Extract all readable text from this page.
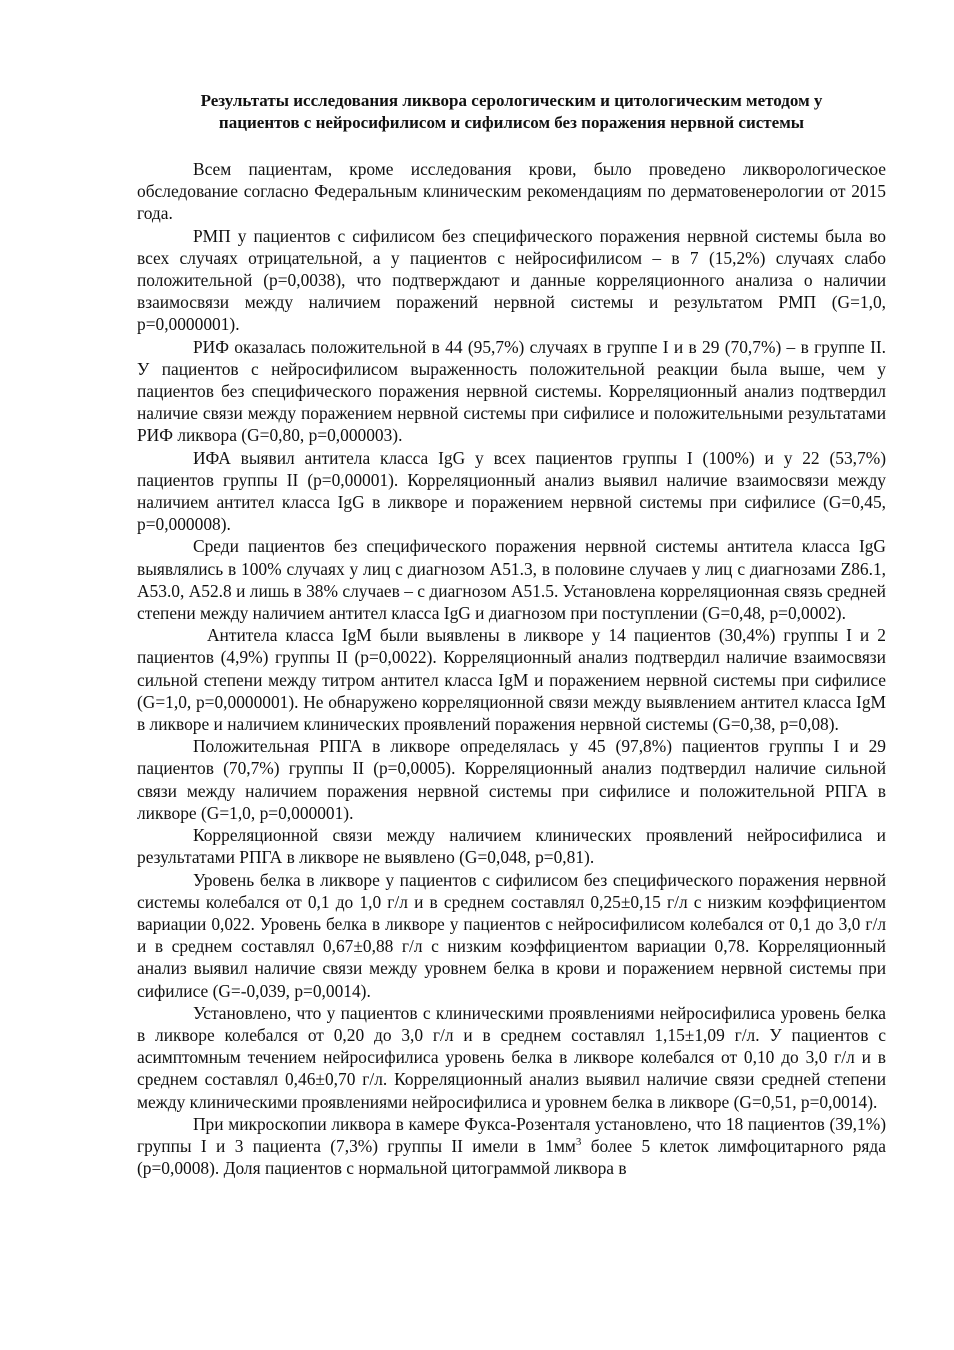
Результаты исследования ликвора серологическим и цитологическим методом у
пациентов с нейросифилисом и сифилисом без поражения нервной системы

Всем пациентам, кроме исследования крови, было проведено ликворологическое обследование согласно Федеральным клиническим рекомендациям по дерматовенерологии от 2015 года.

РМП у пациентов с сифилисом без специфического поражения нервной системы была во всех случаях отрицательной, а у пациентов с нейросифилисом – в 7 (15,2%) случаях слабо положительной (p=0,0038), что подтверждают и данные корреляционного анализа о наличии взаимосвязи между наличием поражений нервной системы и результатом РМП (G=1,0, p=0,0000001).

РИФ оказалась положительной в 44 (95,7%) случаях в группе I и в 29 (70,7%) – в группе II. У пациентов с нейросифилисом выраженность положительной реакции была выше, чем у пациентов без специфического поражения нервной системы. Корреляционный анализ подтвердил наличие связи между поражением нервной системы при сифилисе и положительными результатами РИФ ликвора (G=0,80, p=0,000003).

ИФА выявил антитела класса IgG у всех пациентов группы I (100%) и у 22 (53,7%) пациентов группы II (p=0,00001). Корреляционный анализ выявил наличие взаимосвязи между наличием антител класса IgG в ликворе и поражением нервной системы при сифилисе (G=0,45, p=0,000008).

Среди пациентов без специфического поражения нервной системы антитела класса IgG выявлялись в 100% случаях у лиц с диагнозом А51.3, в половине случаев у лиц с диагнозами Z86.1, А53.0, А52.8 и лишь в 38% случаев – с диагнозом А51.5. Установлена корреляционная связь средней степени между наличием антител класса IgG и диагнозом при поступлении (G=0,48, p=0,0002).

Антитела класса IgM были выявлены в ликворе у 14 пациентов (30,4%) группы I и 2 пациентов (4,9%) группы II (p=0,0022). Корреляционный анализ подтвердил наличие взаимосвязи сильной степени между титром антител класса IgM и поражением нервной системы при сифилисе (G=1,0, p=0,0000001). Не обнаружено корреляционной связи между выявлением антител класса IgM в ликворе и наличием клинических проявлений поражения нервной системы (G=0,38, p=0,08).

Положительная РПГА в ликворе определялась у 45 (97,8%) пациентов группы I и 29 пациентов (70,7%) группы II (p=0,0005). Корреляционный анализ подтвердил наличие сильной связи между наличием поражения нервной системы при сифилисе и положительной РПГА в ликворе (G=1,0, p=0,000001).

Корреляционной связи между наличием клинических проявлений нейросифилиса и результатами РПГА в ликворе не выявлено (G=0,048, p=0,81).

Уровень белка в ликворе у пациентов с сифилисом без специфического поражения нервной системы колебался от 0,1 до 1,0 г/л и в среднем составлял 0,25±0,15 г/л с низким коэффициентом вариации 0,022. Уровень белка в ликворе у пациентов с нейросифилисом колебался от 0,1 до 3,0 г/л и в среднем составлял 0,67±0,88 г/л с низким коэффициентом вариации 0,78. Корреляционный анализ выявил наличие связи между уровнем белка в крови и поражением нервной системы при сифилисе (G=-0,039, p=0,0014).

Установлено, что у пациентов с клиническими проявлениями нейросифилиса уровень белка в ликворе колебался от 0,20 до 3,0 г/л и в среднем составлял 1,15±1,09 г/л. У пациентов с асимптомным течением нейросифилиса уровень белка в ликворе колебался от 0,10 до 3,0 г/л и в среднем составлял 0,46±0,70 г/л. Корреляционный анализ выявил наличие связи средней степени между клиническими проявлениями нейросифилиса и уровнем белка в ликворе (G=0,51, p=0,0014).

При микроскопии ликвора в камере Фукса-Розенталя установлено, что 18 пациентов (39,1%) группы I и 3 пациента (7,3%) группы II имели в $1мм^3$ более 5 клеток лимфоцитарного ряда (p=0,0008). Доля пациентов с нормальной цитограммой ликвора в
